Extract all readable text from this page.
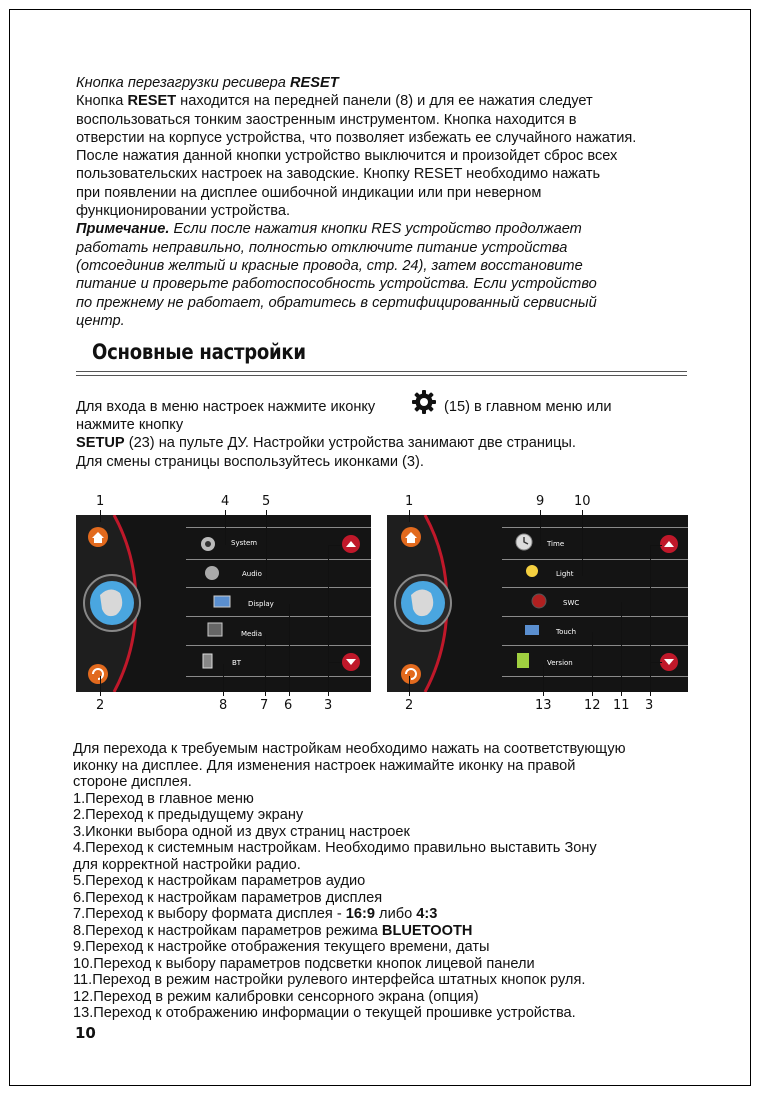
Кнопка перезагрузки ресивера RESET

Кнопка RESET находится на передней панели (8) и для ее нажатия следует

воспользоваться тонким заостренным инструментом. Кнопка находится в

отверстии на корпусе устройства, что позволяет избежать ее случайного нажатия.

После нажатия данной кнопки устройство выключится и произойдет сброс всех

пользовательских настроек на заводские. Кнопку RESET необходимо нажать

при появлении на дисплее ошибочной индикации или при неверном

функционировании устройства.

Примечание. Если после нажатия кнопки RES устройство продолжает

работать неправильно, полностью отключите питание устройства

(отсоединив желтый и красные провода, стр. 24), затем восстановите

питание и проверьте работоспособность устройства. Если устройство

по прежнему не работает, обратитесь в сертифицированный сервисный

центр.

Основные настройки

Для входа в меню настроек нажмите иконку	(15) в главном меню или

нажмите кнопку

SETUP (23) на пульте ДУ. Настройки устройства занимают две страницы.

Для смены страницы воспользуйтесь иконками (3).

System
Audio
Display
Media
BT
Time
Light
SWC
Touch
Version
1	4	5
2	8	7 6 3
1	9 10
2	13 12 11 3

Для перехода к требуемым настройкам необходимо нажать на соответствующую

иконку на дисплее. Для изменения настроек нажимайте иконку на правой

стороне дисплея.

1.Переход в главное меню

2.Переход к предыдущему экрану

3.Иконки выбора одной из двух страниц настроек

4.Переход к системным настройкам. Необходимо правильно выставить Зону

для корректной настройки радио.

5.Переход к настройкам параметров аудио

6.Переход к настройкам параметров дисплея

7.Переход к выбору формата дисплея - 16:9 либо 4:3

8.Переход к настройкам параметров режима BLUETOOTH

9.Переход к настройке отображения текущего времени, даты

10.Переход к выбору параметров подсветки кнопок лицевой панели

11.Переход в режим настройки рулевого интерфейса штатных кнопок руля.

12.Переход в режим калибровки сенсорного экрана (опция)

13.Переход к отображению информации о текущей прошивке устройства.

10
